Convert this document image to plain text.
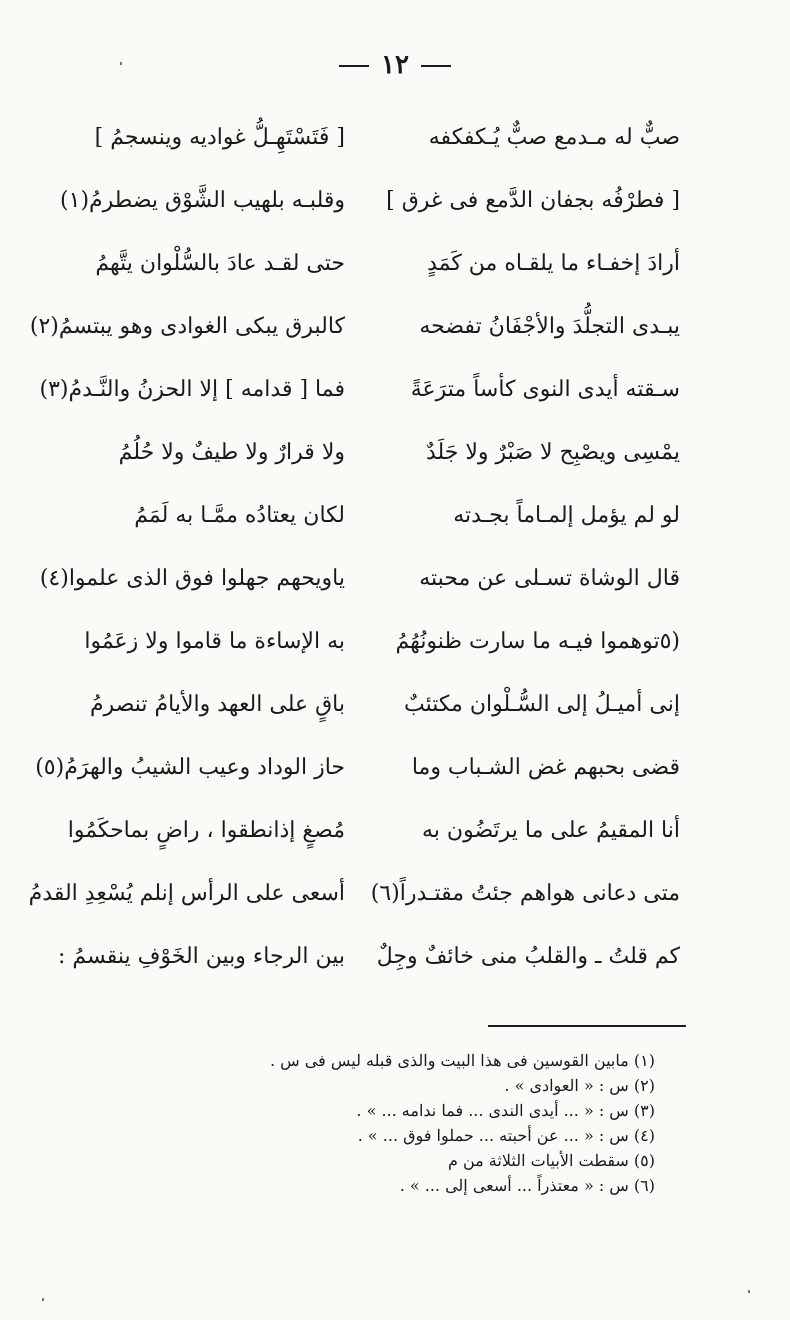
١٢
صبٌّ له مـدمع صبٌّ يُـكفكفه
[ فَتَسْتَهِـلُّ غواديه وينسجمُ ]
[ فطرْفُه بجفان الدَّمع فى غرق ]
وقلبـه بلهيب الشَّوْق يضطرمُ(١)
أرادَ إخفـاء ما يلقـاه من كَمَدٍ
حتى لقـد عادَ بالسُّلْوان يتَّهمُ
يبـدى التجلُّدَ والأجْفَانُ تفضحه
كالبرق يبكى الغوادى وهو يبتسمُ(٢)
سـقته أيدى النوى كأساً مترَعَةً
فما [ قدامه ] إلا الحزنُ والنَّـدمُ(٣)
يمْسِى ويصْبِح لا صَبْرٌ ولا جَلَدٌ
ولا قرارٌ ولا طيفٌ ولا حُلُمُ
لو لم يؤمل إلمـاماً بجـدته
لكان يعتادُه ممَّـا به لَمَمُ
قال الوشاة تسـلى عن محبته
ياويحهم جهلوا فوق الذى علموا(٤)
(٥توهموا فيـه ما سارت ظنونُهُمُ
به الإساءة ما قاموا ولا زعَمُوا
إنى أميـلُ إلى السُّـلْوان مكتئبٌ
باقٍ على العهد والأيامُ تنصرمُ
قضى بحبهم غض الشـباب وما
حاز الوداد وعيب الشيبُ والهرَمُ(٥)
أنا المقيمُ على ما يرتَضُون به
مُصغٍ إذانطقوا ، راضٍ بماحكَمُوا
متى دعانى هواهم جئتُ مقتـدراً(٦)
أسعى على الرأس إنلم يُسْعِدِ القدمُ
كم قلتُ ـ والقلبُ منى خائفٌ وجِلٌ
بين الرجاء وبين الخَوْفِ ينقسمُ :
(١) مابين القوسين فى هذا البيت والذى قبله ليس فى س .
(٢) س : « العوادى » .
(٣) س : « ... أيدى الندى ... فما ندامه ... » .
(٤) س : « ... عن أحبته ... حملوا فوق ... » .
(٥) سقطت الأبيات الثلاثة من م
(٦) س : « معتذراً ... أسعى إلى ... » .
